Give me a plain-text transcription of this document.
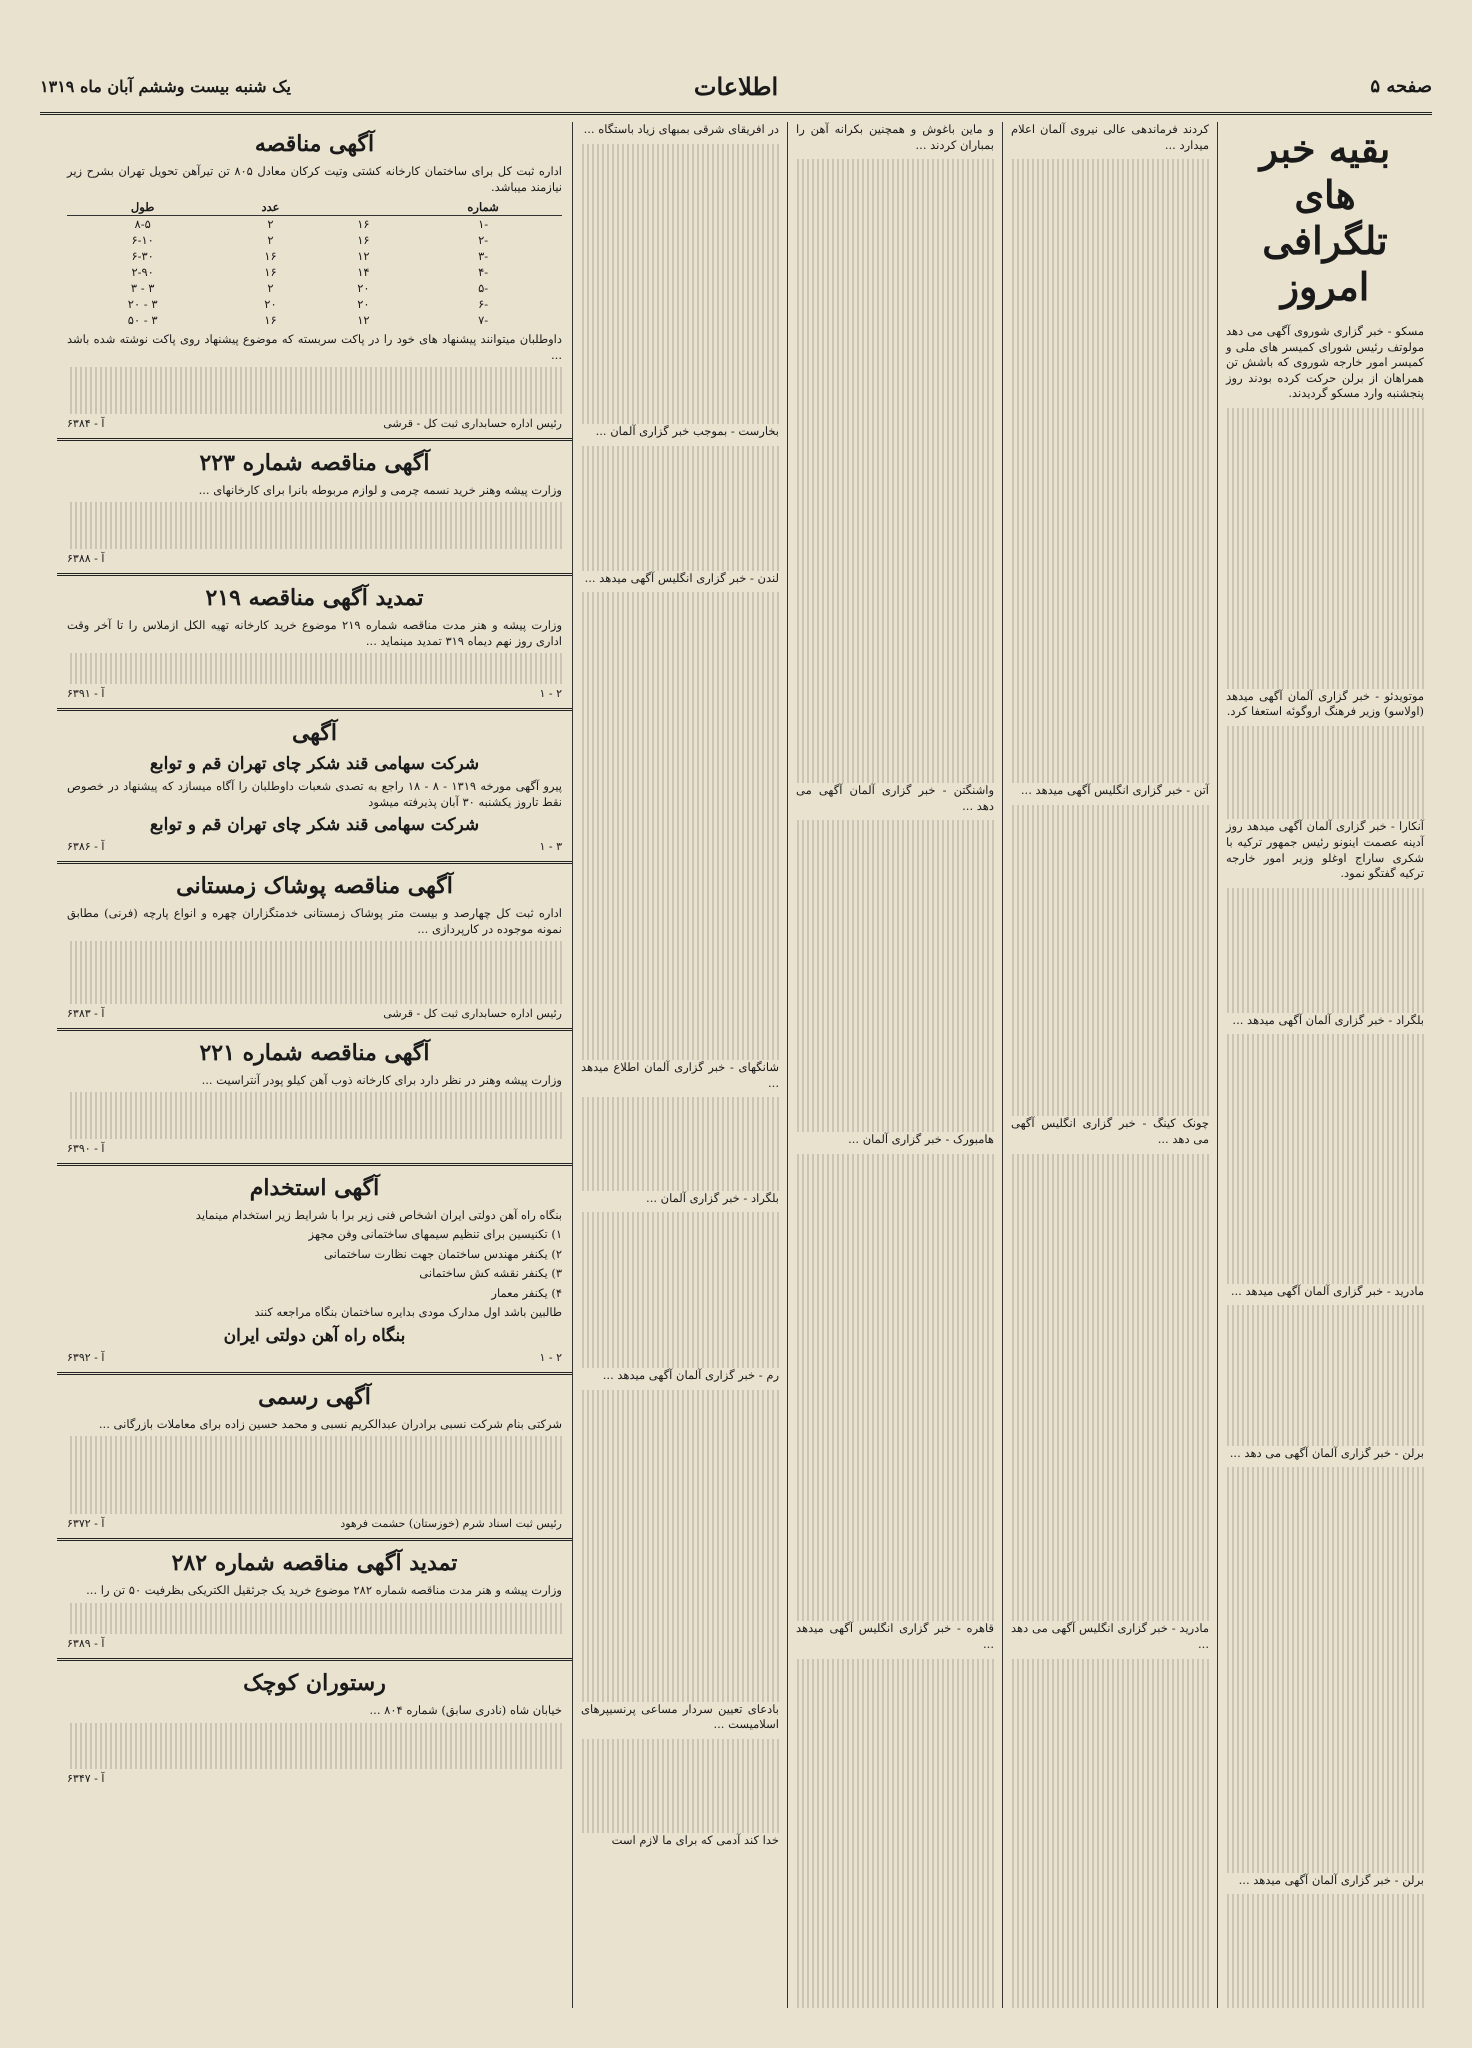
صفحه ۵
اطلاعات
یک شنبه بیست وششم آبان ماه ۱۳۱۹
بقیه خبر های تلگرافی امروز

مسکو - خبر گزاری شوروی آگهی می دهد مولوتف رئیس شورای کمیسر های ملی و کمیسر امور خارجه شوروی که باشش تن همراهان از برلن حرکت کرده بودند روز پنجشنبه وارد مسکو گردیدند.

موتویدئو - خبر گزاری آلمان آگهی میدهد (اولاسو) وزیر فرهنگ اروگوئه استعفا کرد.

آنکارا - خبر گزاری آلمان آگهی میدهد روز آدینه عصمت اینونو رئیس جمهور ترکیه با شکری ساراج اوغلو وزیر امور خارجه ترکیه گفتگو نمود.

بلگراد - خبر گزاری آلمان آگهی میدهد ...

مادرید - خبر گزاری آلمان آگهی میدهد ...

برلن - خبر گزاری آلمان آگهی می دهد ...

برلن - خبر گزاری آلمان آگهی میدهد ...

کردند فرماندهی عالی نیروی آلمان اعلام میدارد ...

آتن - خبر گزاری انگلیس آگهی میدهد ...

چونک کینگ - خبر گزاری انگلیس آگهی می دهد ...

مادرید - خبر گزاری انگلیس آگهی می دهد ...

و ماین باغوش و همچنین بکرانه آهن را بمباران کردند ...

واشنگتن - خبر گزاری آلمان آگهی می دهد ...

هامبورک - خبر گزاری آلمان ...

قاهره - خبر گزاری انگلیس آگهی میدهد ...

در افریقای شرقی بمبهای زیاد باستگاه ...

بخارست - بموجب خبر گزاری آلمان ...

لندن - خبر گزاری انگلیس آگهی میدهد ...

شانگهای - خبر گزاری آلمان اطلاع میدهد ...

بلگراد - خبر گزاری آلمان ...

رم - خبر گزاری آلمان آگهی میدهد ...

بادعای تعیین سردار مساعی پرنسیپرهای اسلامیست ...

خدا کند آدمی که برای ما لازم است

آگهی مناقصه

اداره ثبت کل برای ساختمان کارخانه کشتی وتیت کرکان معادل ۸۰۵ تن تیرآهن تحویل تهران بشرح زیر نیازمند میباشد.

شماره		عدد	طول
-۱	۱۶	۲	۸-۵
-۲	۱۶	۲	۶-۱۰
-۳	۱۲	۱۶	۶-۳۰
-۴	۱۴	۱۶	۲-۹۰
-۵	۲۰	۲	۳ - ۳
-۶	۲۰	۲۰	۳ - ۲۰
-۷	۱۲	۱۶	۳ - ۵۰

داوطلبان میتوانند پیشنهاد های خود را در پاکت سربسته که موضوع پیشنهاد روی پاکت نوشته شده باشد ...

رئیس اداره حسابداری ثبت کل - قرشی
آ - ۶۳۸۴
آگهی مناقصه شماره ۲۲۳

وزارت پیشه وهنر خرید نسمه چرمی و لوازم مربوطه بانرا برای کارخانهای ...

آ - ۶۳۸۸
تمدید آگهی مناقصه ۲۱۹

وزارت پیشه و هنر مدت مناقصه شماره ۲۱۹ موضوع خرید کارخانه تهیه الکل ازملاس را تا آخر وقت اداری روز نهم دیماه ۳۱۹ تمدید مینماید ...

۲ - ۱
آ - ۶۳۹۱
آگهی
شرکت سهامی قند شکر چای تهران قم و توابع

پیرو آگهی مورخه ۱۳۱۹ - ۸ - ۱۸ راجع به تصدی شعبات داوطلبان را آگاه میسازد که پیشنهاد در خصوص نقط تاروز یکشنبه ۳۰ آبان پذیرفته میشود

شرکت سهامی قند شکر چای تهران قم و توابع
۳ - ۱
آ - ۶۳۸۶
آگهی مناقصه پوشاک زمستانی

اداره ثبت کل چهارصد و بیست متر پوشاک زمستانی خدمتگزاران چهره و انواع پارچه (فرنی) مطابق نمونه موجوده در کارپردازی ...

رئیس اداره حسابداری ثبت کل - قرشی
آ - ۶۳۸۳
آگهی مناقصه شماره ۲۲۱

وزارت پیشه وهنر در نظر دارد برای کارخانه ذوب آهن کیلو پودر آنتراسیت ...

آ - ۶۳۹۰
آگهی استخدام

بنگاه راه آهن دولتی ایران اشخاص فنی زیر برا با شرایط زیر استخدام مینماید

۱) تکنیسین برای تنظیم سیمهای ساختمانی وفن مجهز

۲) یکنفر مهندس ساختمان جهت نظارت ساختمانی

۳) یکنفر نقشه کش ساختمانی

۴) یکنفر معمار

طالبین باشد اول مدارک مودی بدایره ساختمان بنگاه مراجعه کنند

بنگاه راه آهن دولتی ایران
۲ - ۱
آ - ۶۳۹۲
آگهی رسمی

شرکتی بنام شرکت نسبی برادران عبدالکریم نسبی و محمد حسین زاده برای معاملات بازرگانی ...

رئیس ثبت اسناد شرم (خوزستان) حشمت فرهود
آ - ۶۳۷۲
تمدید آگهی مناقصه شماره ۲۸۲

وزارت پیشه و هنر مدت مناقصه شماره ۲۸۲ موضوع خرید یک جرثقیل الکتریکی بظرفیت ۵۰ تن را ...

آ - ۶۳۸۹
رستوران کوچک

خیابان شاه (نادری سابق) شماره ۸۰۴ ...

آ - ۶۳۴۷
